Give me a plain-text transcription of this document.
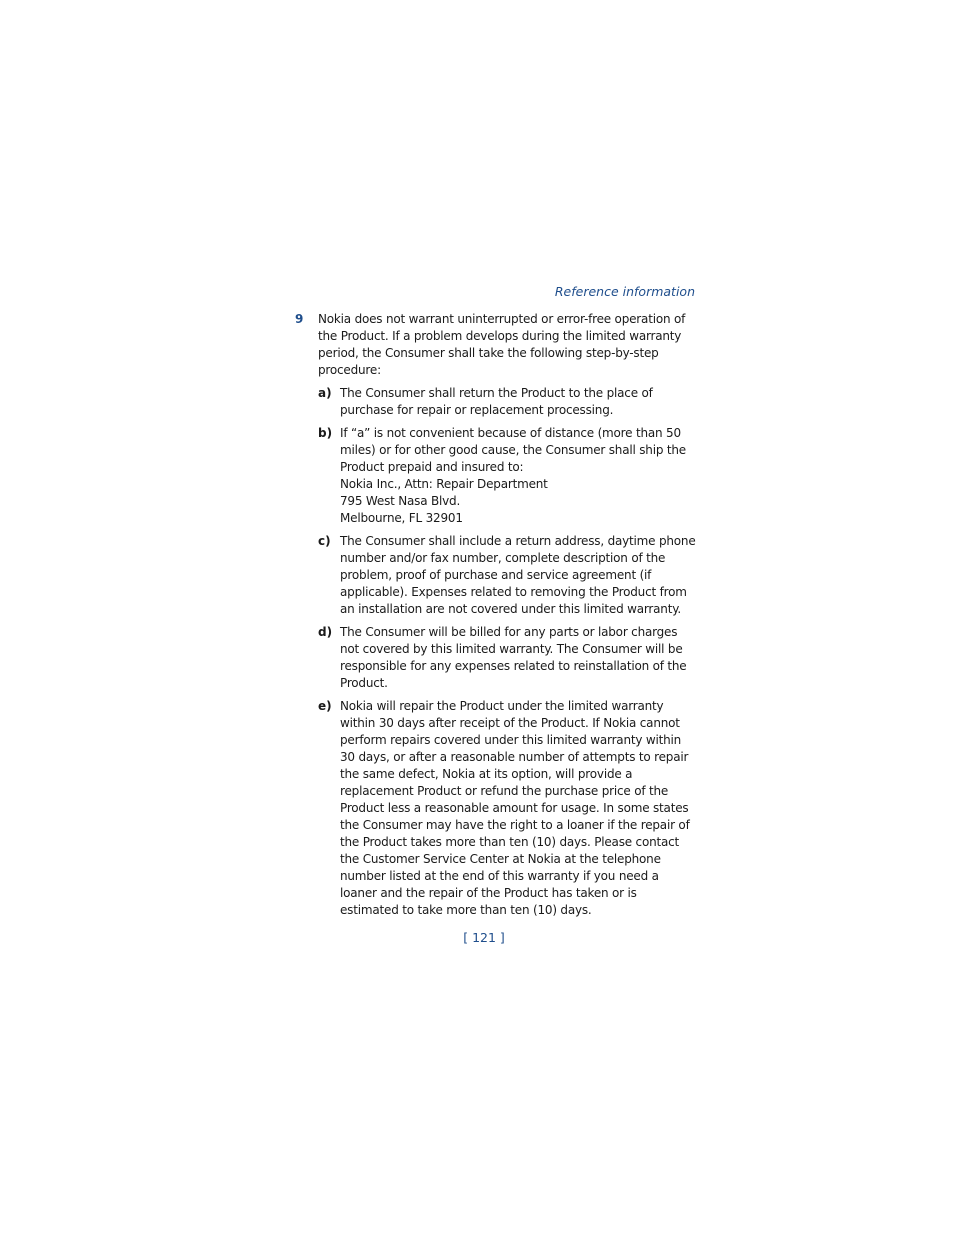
Reference information
9 Nokia does not warrant uninterrupted or error-free operation of the Product. If a problem develops during the limited warranty period, the Consumer shall take the following step-by-step procedure:
a) The Consumer shall return the Product to the place of purchase for repair or replacement processing.
b) If “a” is not convenient because of distance (more than 50 miles) or for other good cause, the Consumer shall ship the Product prepaid and insured to:
Nokia Inc., Attn: Repair Department
795 West Nasa Blvd.
Melbourne, FL 32901
c) The Consumer shall include a return address, daytime phone number and/or fax number, complete description of the problem, proof of purchase and service agreement (if applicable). Expenses related to removing the Product from an installation are not covered under this limited warranty.
d) The Consumer will be billed for any parts or labor charges not covered by this limited warranty. The Consumer will be responsible for any expenses related to reinstallation of the Product.
e) Nokia will repair the Product under the limited warranty within 30 days after receipt of the Product. If Nokia cannot perform repairs covered under this limited warranty within 30 days, or after a reasonable number of attempts to repair the same defect, Nokia at its option, will provide a replacement Product or refund the purchase price of the Product less a reasonable amount for usage. In some states the Consumer may have the right to a loaner if the repair of the Product takes more than ten (10) days. Please contact the Customer Service Center at Nokia at the telephone number listed at the end of this warranty if you need a loaner and the repair of the Product has taken or is estimated to take more than ten (10) days.
[ 121 ]
